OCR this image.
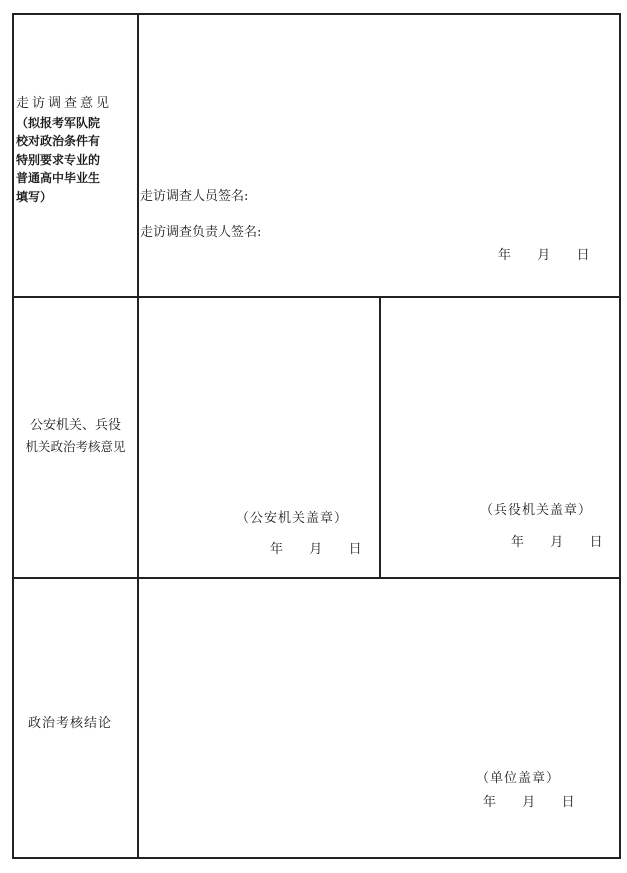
走访调查意见
（拟报考军队院
校对政治条件有
特别要求专业的
普通高中毕业生
填写）	走访调查人员签名:
走访调查负责人签名:
年 月 日
公安机关、兵役
机关政治考核意见
（公安机关盖章）
年 月 日
（兵役机关盖章）
年 月 日
政治考核结论
（单位盖章）
年 月 日
